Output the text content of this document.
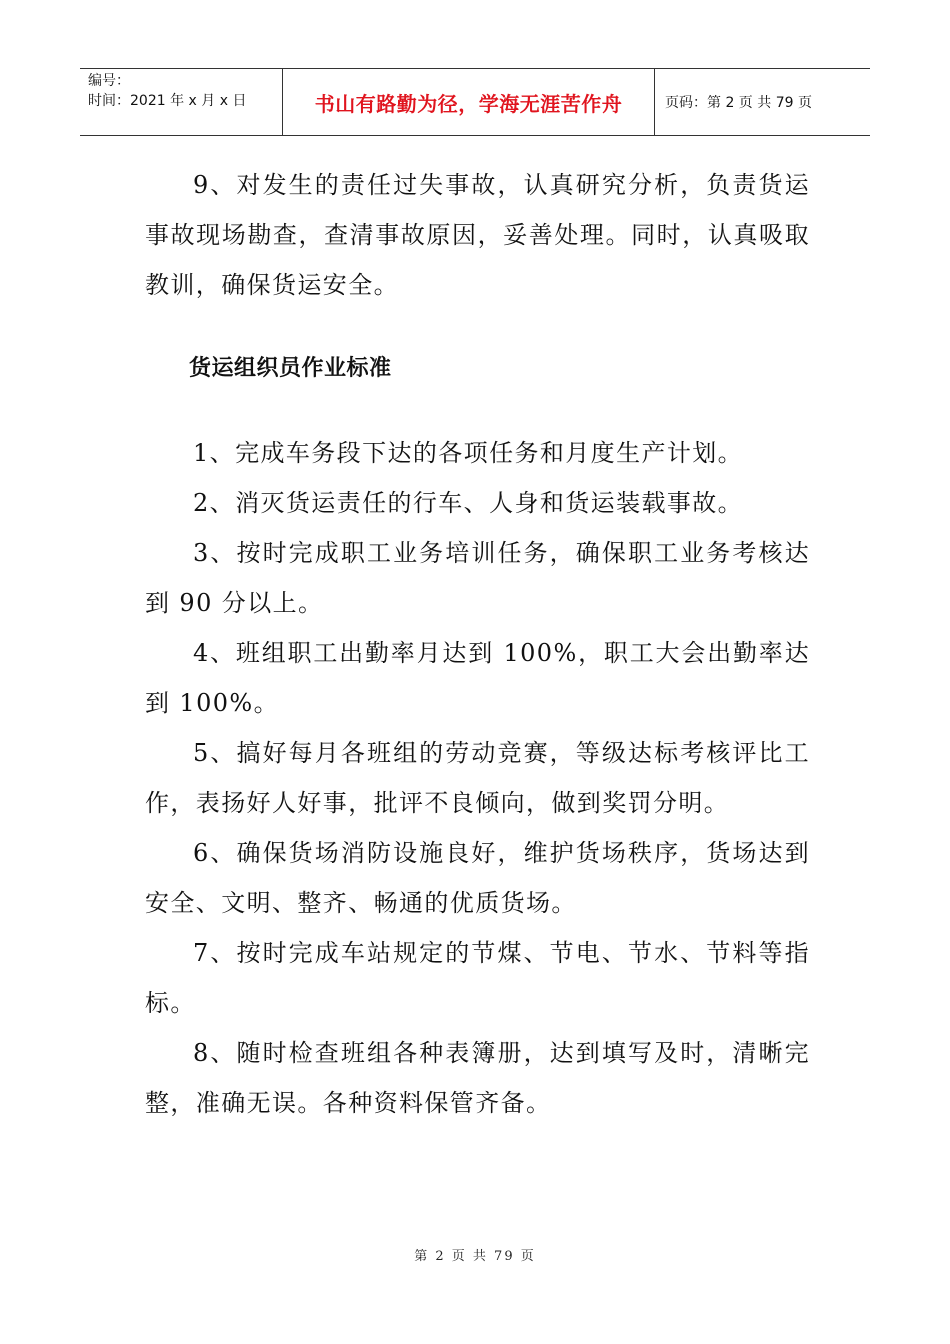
编号：
时间：2021 年 x 月 x 日	书山有路勤为径，学海无涯苦作舟	页码：第 2 页 共 79 页

9、对发生的责任过失事故，认真研究分析，负责货运事故现场勘查，查清事故原因，妥善处理。同时，认真吸取教训，确保货运安全。

货运组织员作业标准

1、完成车务段下达的各项任务和月度生产计划。

2、消灭货运责任的行车、人身和货运装载事故。

3、按时完成职工业务培训任务，确保职工业务考核达到 90 分以上。

4、班组职工出勤率月达到 100%，职工大会出勤率达到 100%。

5、搞好每月各班组的劳动竞赛，等级达标考核评比工作，表扬好人好事，批评不良倾向，做到奖罚分明。

6、确保货场消防设施良好，维护货场秩序，货场达到安全、文明、整齐、畅通的优质货场。

7、按时完成车站规定的节煤、节电、节水、节料等指标。

8、随时检查班组各种表簿册，达到填写及时，清晰完整，准确无误。各种资料保管齐备。

第 2 页 共 79 页
